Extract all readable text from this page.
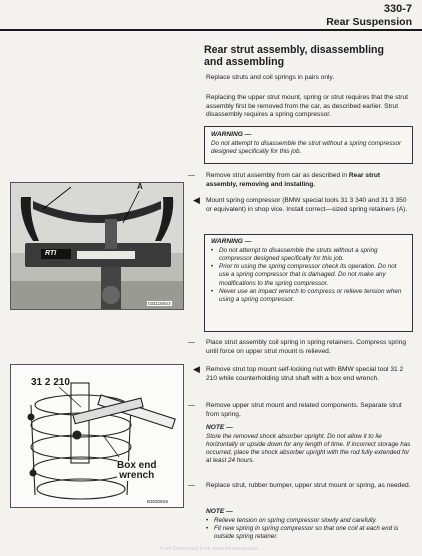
330-7
Rear Suspension
Rear strut assembly, disassembling and assembling
Replace struts and coil springs in pairs only.
Replacing the upper strut mount, spring or strut requires that the strut assembly first be removed from the car, as described earlier. Strut disassembly requires a spring compressor.
WARNING —
Do not attempt to disassemble the strut without a spring compressor designed specifically for this job.
— Remove strut assembly from car as described in Rear strut assembly, removing and installing.
◀ Mount spring compressor (BMW special tools 31 3 340 and 31 3 350 or equivalent) in shop vice. Install correct—sized spring retainers (A).
WARNING —
• Do not attempt to disassemble the struts without a spring compressor designed specifically for this job.
• Prior to using the spring compressor check its operation. Do not use a spring compressor that is damaged. Do not make any modifications to the spring compressor.
• Never use an impact wrench to compress or relieve tension when using a spring compressor.
— Place strut assembly coil spring in spring retainers. Compress spring until force on upper strut mount is relieved.
◀ Remove strut top mount self-locking nut with BMW special tool 31 2 210 while counterholding strut shaft with a box end wrench.
— Remove upper strut mount and related components. Separate strut from spring.
NOTE —
Store the removed shock absorber upright. Do not allow it to lie horizontally or upside down for any length of time. If incorrect storage has occurred, place the shock absorber upright with the rod fully extended for at least 24 hours.
— Replace strut, rubber bumper, upper strut mount or spring, as needed.
NOTE —
• Relieve tension on spring compressor slowly and carefully.
• Fit new spring in spring compressor so that one coil at each end is outside spring retainer.
A
RTI
0331165S3
31 2 210
Box end
wrench
B30308S5
Free Download from www.bmwmanuals...
